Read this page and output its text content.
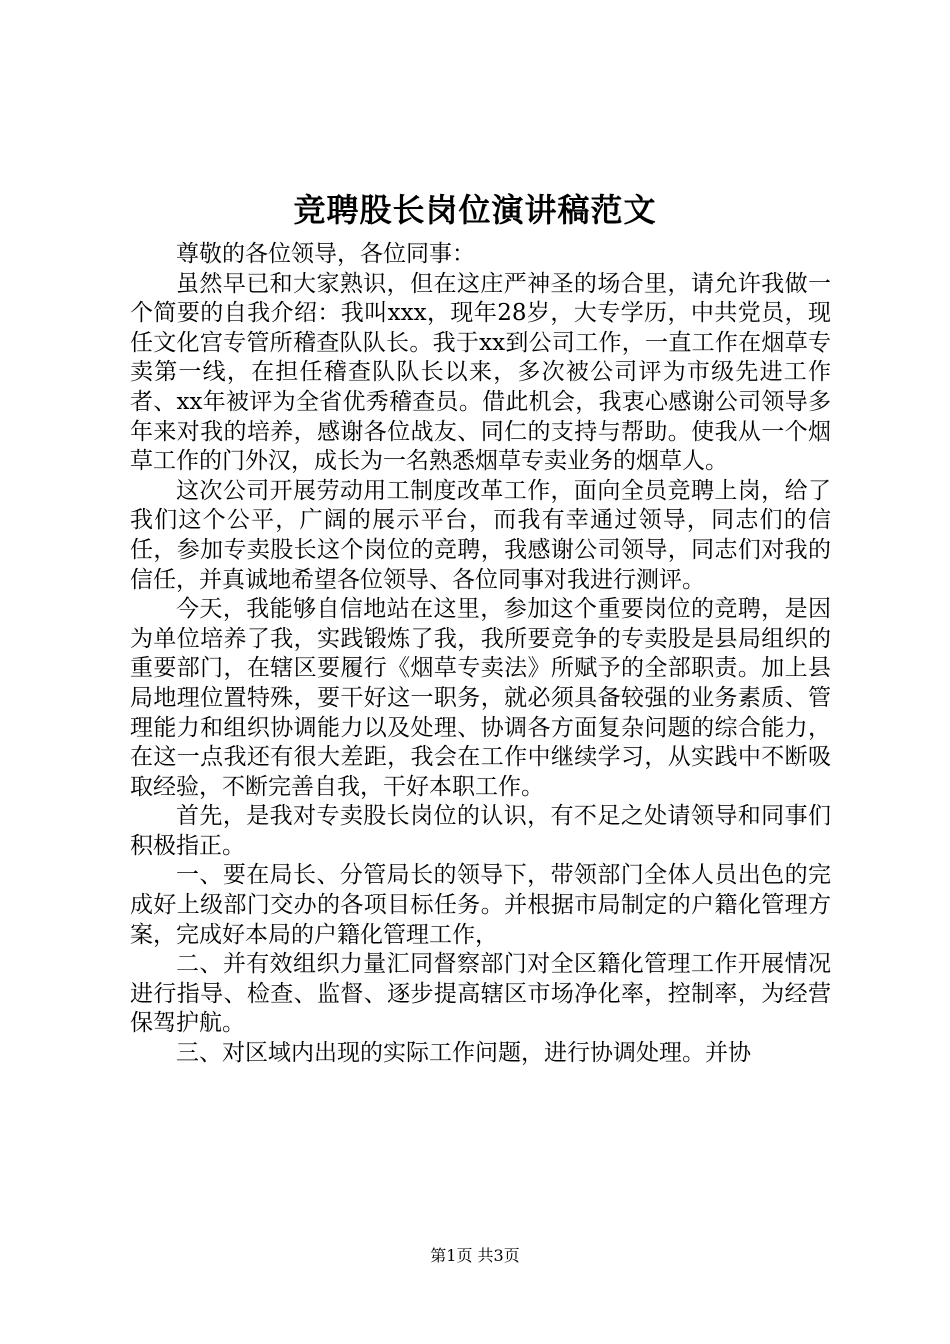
竞聘股长岗位演讲稿范文

尊敬的各位领导，各位同事：

虽然早已和大家熟识，但在这庄严神圣的场合里，请允许我做一个简要的自我介绍：我叫xxx，现年28岁，大专学历，中共党员，现任文化宫专管所稽查队队长。我于xx到公司工作，一直工作在烟草专卖第一线，在担任稽查队队长以来，多次被公司评为市级先进工作者、xx年被评为全省优秀稽查员。借此机会，我衷心感谢公司领导多年来对我的培养，感谢各位战友、同仁的支持与帮助。使我从一个烟草工作的门外汉，成长为一名熟悉烟草专卖业务的烟草人。

这次公司开展劳动用工制度改革工作，面向全员竞聘上岗，给了我们这个公平，广阔的展示平台，而我有幸通过领导，同志们的信任，参加专卖股长这个岗位的竞聘，我感谢公司领导，同志们对我的信任，并真诚地希望各位领导、各位同事对我进行测评。

今天，我能够自信地站在这里，参加这个重要岗位的竞聘，是因为单位培养了我，实践锻炼了我，我所要竞争的专卖股是县局组织的重要部门，在辖区要履行《烟草专卖法》所赋予的全部职责。加上县局地理位置特殊，要干好这一职务，就必须具备较强的业务素质、管理能力和组织协调能力以及处理、协调各方面复杂问题的综合能力，在这一点我还有很大差距，我会在工作中继续学习，从实践中不断吸取经验，不断完善自我，干好本职工作。

首先，是我对专卖股长岗位的认识，有不足之处请领导和同事们积极指正。

一、要在局长、分管局长的领导下，带领部门全体人员出色的完成好上级部门交办的各项目标任务。并根据市局制定的户籍化管理方案，完成好本局的户籍化管理工作，

二、并有效组织力量汇同督察部门对全区籍化管理工作开展情况进行指导、检查、监督、逐步提高辖区市场净化率，控制率，为经营保驾护航。

三、对区域内出现的实际工作问题，进行协调处理。并协

第1页 共3页
